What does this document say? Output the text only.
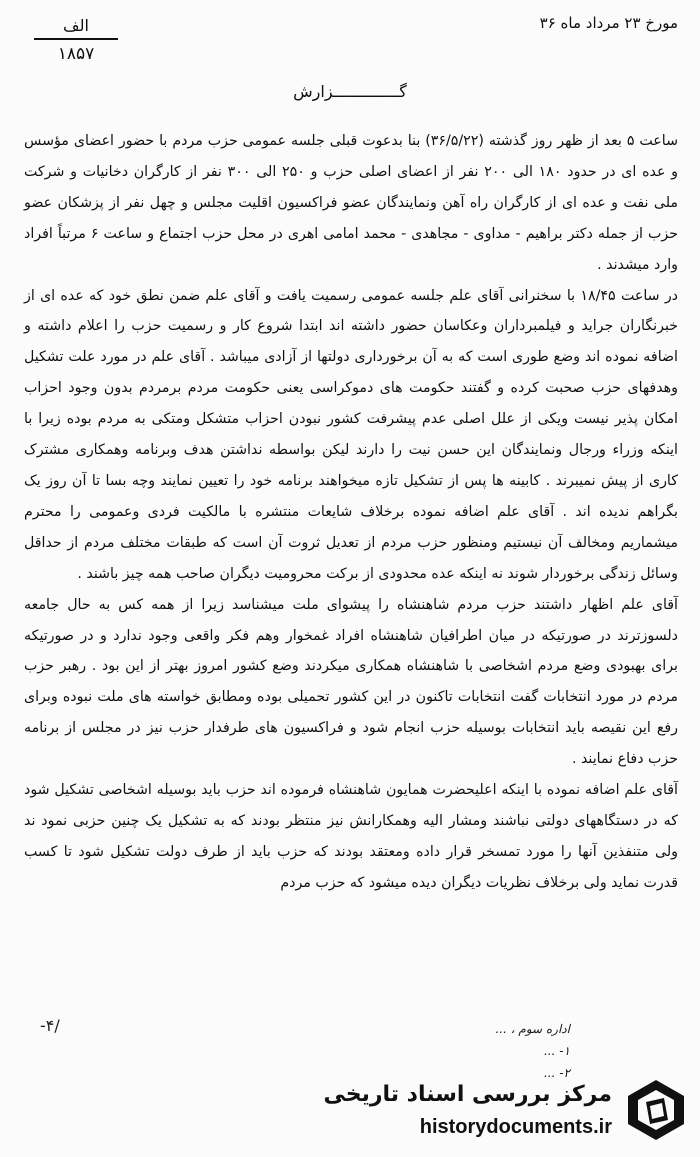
مورخ ۲۳ مرداد ماه ۳۶
الف
۱۸۵۷
گــــــــــــــزارش

ساعت ۵ بعد از ظهر روز گذشته (۳۶/۵/۲۲) بنا بدعوت قبلی جلسه عمومی حزب مردم با حضور اعضای مؤسس و عده ای در حدود ۱۸۰ الی ۲۰۰ نفر از اعضای اصلی حزب و ۲۵۰ الی ۳۰۰ نفر از کارگران دخانیات و شرکت ملی نفت و عده ای از کارگران راه آهن ونمایندگان عضو فراکسیون اقلیت مجلس و چهل نفر از پزشکان عضو حزب از جمله دکتر براهیم - مداوی - مجاهدی - محمد امامی اهری در محل حزب اجتماع و ساعت ۶ مرتباً افراد وارد میشدند .

در ساعت ۱۸/۴۵ با سخنرانی آقای علم جلسه عمومی رسمیت یافت و آقای علم ضمن نطق خود که عده ای از خبرنگاران جراید و فیلمبرداران وعکاسان حضور داشته اند ابتدا شروع کار و رسمیت حزب را اعلام داشته و اضافه نموده اند وضع طوری است که به آن برخورداری دولتها از آزادی میباشد . آقای علم در مورد علت تشکیل وهدفهای حزب صحبت کرده و گفتند حکومت های دموکراسی یعنی حکومت مردم برمردم بدون وجود احزاب امکان پذیر نیست ویکی از علل اصلی عدم پیشرفت کشور نبودن احزاب متشکل ومتکی به مردم بوده زیرا با اینکه وزراء ورجال ونمایندگان این حسن نیت را دارند لیکن بواسطه نداشتن هدف وبرنامه وهمکاری مشترک کاری از پیش نمیبرند . کابینه ها پس از تشکیل تازه میخواهند برنامه خود را تعیین نمایند وچه بسا تا آن روز یک بگراهم ندیده اند . آقای علم اضافه نموده برخلاف شایعات منتشره با مالکیت فردی وعمومی را محترم میشماریم ومخالف آن نیستیم ومنظور حزب مردم از تعدیل ثروت آن است که طبقات مختلف مردم از حداقل وسائل زندگی برخوردار شوند نه اینکه عده محدودی از برکت محرومیت دیگران صاحب همه چیز باشند .

آقای علم اظهار داشتند حزب مردم شاهنشاه را پیشوای ملت میشناسد زیرا از همه کس به حال جامعه دلسوزترند در صورتیکه در میان اطرافیان شاهنشاه افراد غمخوار وهم فکر واقعی وجود ندارد و در صورتیکه برای بهبودی وضع مردم اشخاصی با شاهنشاه همکاری میکردند وضع کشور امروز بهتر از این بود . رهبر حزب مردم در مورد انتخابات گفت انتخابات تاکنون در این کشور تحمیلی بوده ومطابق خواسته های ملت نبوده وبرای رفع این نقیصه باید انتخابات بوسیله حزب انجام شود و فراکسیون های طرفدار حزب نیز در مجلس از برنامه حزب دفاع نمایند .

آقای علم اضافه نموده با اینکه اعلیحضرت همایون شاهنشاه فرموده اند حزب باید بوسیله اشخاصی تشکیل شود که در دستگاههای دولتی نباشند ومشار الیه وهمکارانش نیز منتظر بودند که به تشکیل یک چنین حزبی نمود ند ولی متنفذین آنها را مورد تمسخر قرار داده ومعتقد بودند که حزب باید از طرف دولت تشکیل شود تا کسب قدرت نماید ولی برخلاف نظریات دیگران دیده میشود که حزب مردم

-۴/	اداره سوم ، ...
۱- ...
۲- ...
مرکز بررسی اسناد تاریخی
historydocuments.ir
